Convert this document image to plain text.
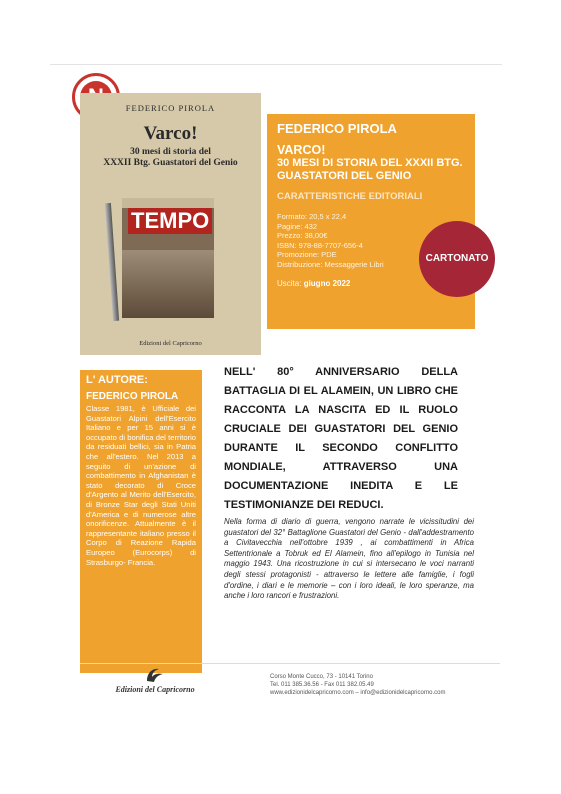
FEDERICO PIROLA
Varco!
30 mesi di storia del
XXXII Btg. Guastatori del Genio
TEMPO
Edizioni del Capricorno
FEDERICO PIROLA
VARCO!
30 MESI DI STORIA DEL XXXII BTG. GUASTATORI DEL GENIO
CARATTERISTICHE EDITORIALI
Formato: 20,5 x 22,4
Pagine: 432
Prezzo: 38,00€
ISBN: 978-88-7707-656-4
Promozione: PDE
Distribuzione: Messaggerie Libri
Uscita: giugno 2022
CARTONATO
L' AUTORE:
FEDERICO PIROLA
Classe 1981, è Ufficiale dei Guastatori Alpini dell'Esercito Italiano e per 15 anni si è occupato di bonifica del territorio da residuati bellici, sia in Patria che all'estero. Nel 2013 a seguito di un'azione di combattimento in Afghanistan è stato decorato di Croce d'Argento al Merito dell'Esercito, di Bronze Star degli Stati Uniti d'America e di numerose altre onorificenze. Attualmente è il rappresentante italiano presso il Corpo di Reazione Rapida Europeo (Eurocorps) di Strasburgo- Francia.

NELL' 80° ANNIVERSARIO DELLA BATTAGLIA DI EL ALAMEIN, UN LIBRO CHE RACCONTA LA NASCITA ED IL RUOLO CRUCIALE DEI GUASTATORI DEL GENIO DURANTE IL SECONDO CONFLITTO MONDIALE, ATTRAVERSO UNA DOCUMENTAZIONE INEDITA E LE TESTIMONIANZE DEI REDUCI.

Nella forma di diario di guerra, vengono narrate le vicissitudini dei guastatori del 32° Battaglione Guastatori del Genio - dall'addestramento a Civitavecchia nell'ottobre 1939 , ai combattimenti in Africa Settentrionale a Tobruk ed El Alamein, fino all'epilogo in Tunisia nel maggio 1943. Una ricostruzione in cui si intersecano le voci narranti degli stessi protagonisti - attraverso le lettere alle famiglie, i fogli d'ordine, i diari e le memorie – con i loro ideali, le loro speranze, ma anche i loro rancori e frustrazioni.

Edizioni del Capricorno
Corso Monte Cucco, 73 - 10141 Torino
Tel. 011 385.36.56 - Fax 011 382.05.49
www.edizionidelcapricorno.com – info@edizionidelcapricorno.com
